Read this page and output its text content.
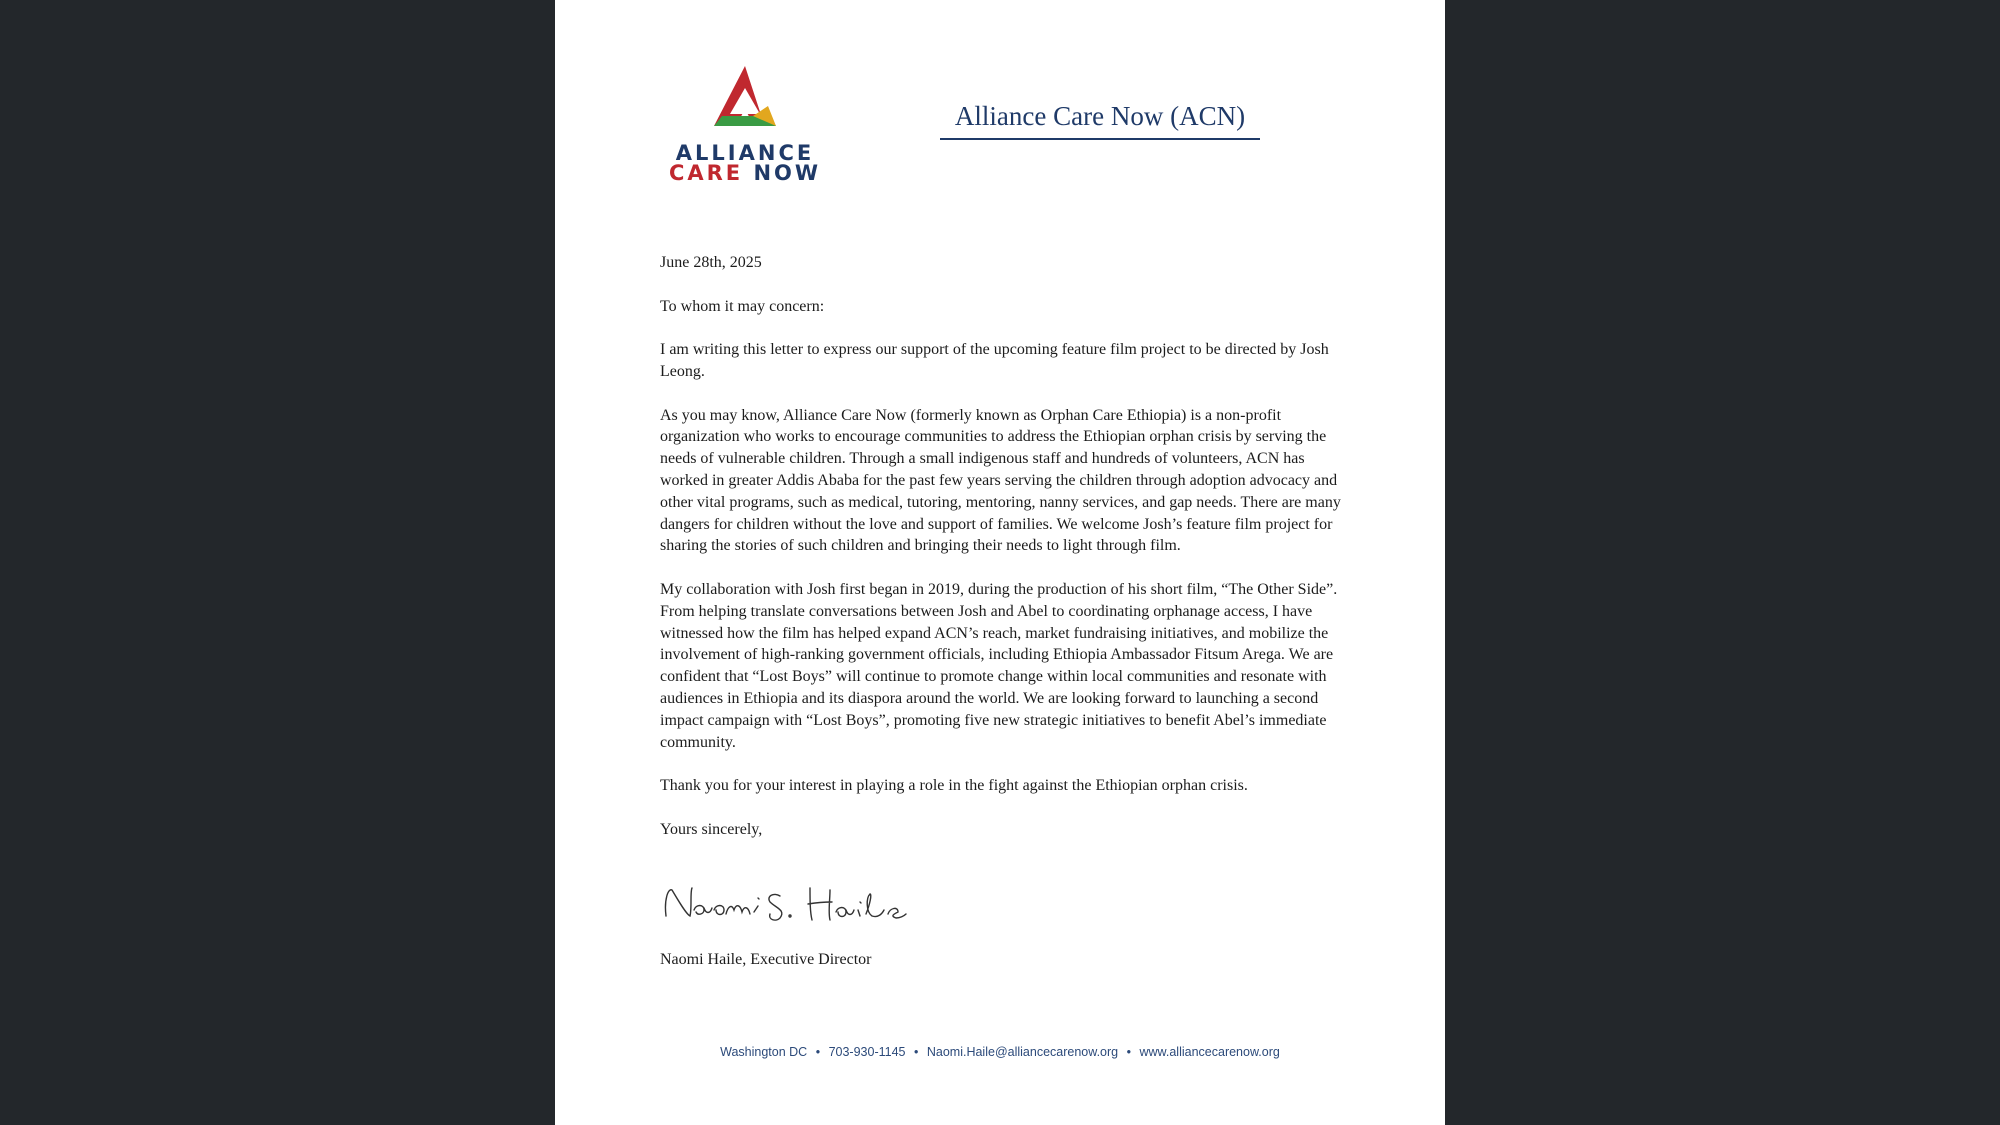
ALLIANCE
CARE NOW
Alliance Care Now (ACN)

June 28th, 2025

To whom it may concern:

I am writing this letter to express our support of the upcoming feature film project to be directed by Josh Leong.

As you may know, Alliance Care Now (formerly known as Orphan Care Ethiopia) is a non-profit organization who works to encourage communities to address the Ethiopian orphan crisis by serving the needs of vulnerable children. Through a small indigenous staff and hundreds of volunteers, ACN has worked in greater Addis Ababa for the past few years serving the children through adoption advocacy and other vital programs, such as medical, tutoring, mentoring, nanny services, and gap needs. There are many dangers for children without the love and support of families. We welcome Josh’s feature film project for sharing the stories of such children and bringing their needs to light through film.

My collaboration with Josh first began in 2019, during the production of his short film, “The Other Side”. From helping translate conversations between Josh and Abel to coordinating orphanage access, I have witnessed how the film has helped expand ACN’s reach, market fundraising initiatives, and mobilize the involvement of high-ranking government officials, including Ethiopia Ambassador Fitsum Arega. We are confident that “Lost Boys” will continue to promote change within local communities and resonate with audiences in Ethiopia and its diaspora around the world. We are looking forward to launching a second impact campaign with “Lost Boys”, promoting five new strategic initiatives to benefit Abel’s immediate community.

Thank you for your interest in playing a role in the fight against the Ethiopian orphan crisis.

Yours sincerely,

Naomi Haile, Executive Director
Washington DC • 703-930-1145 • Naomi.Haile@alliancecarenow.org • www.alliancecarenow.org
